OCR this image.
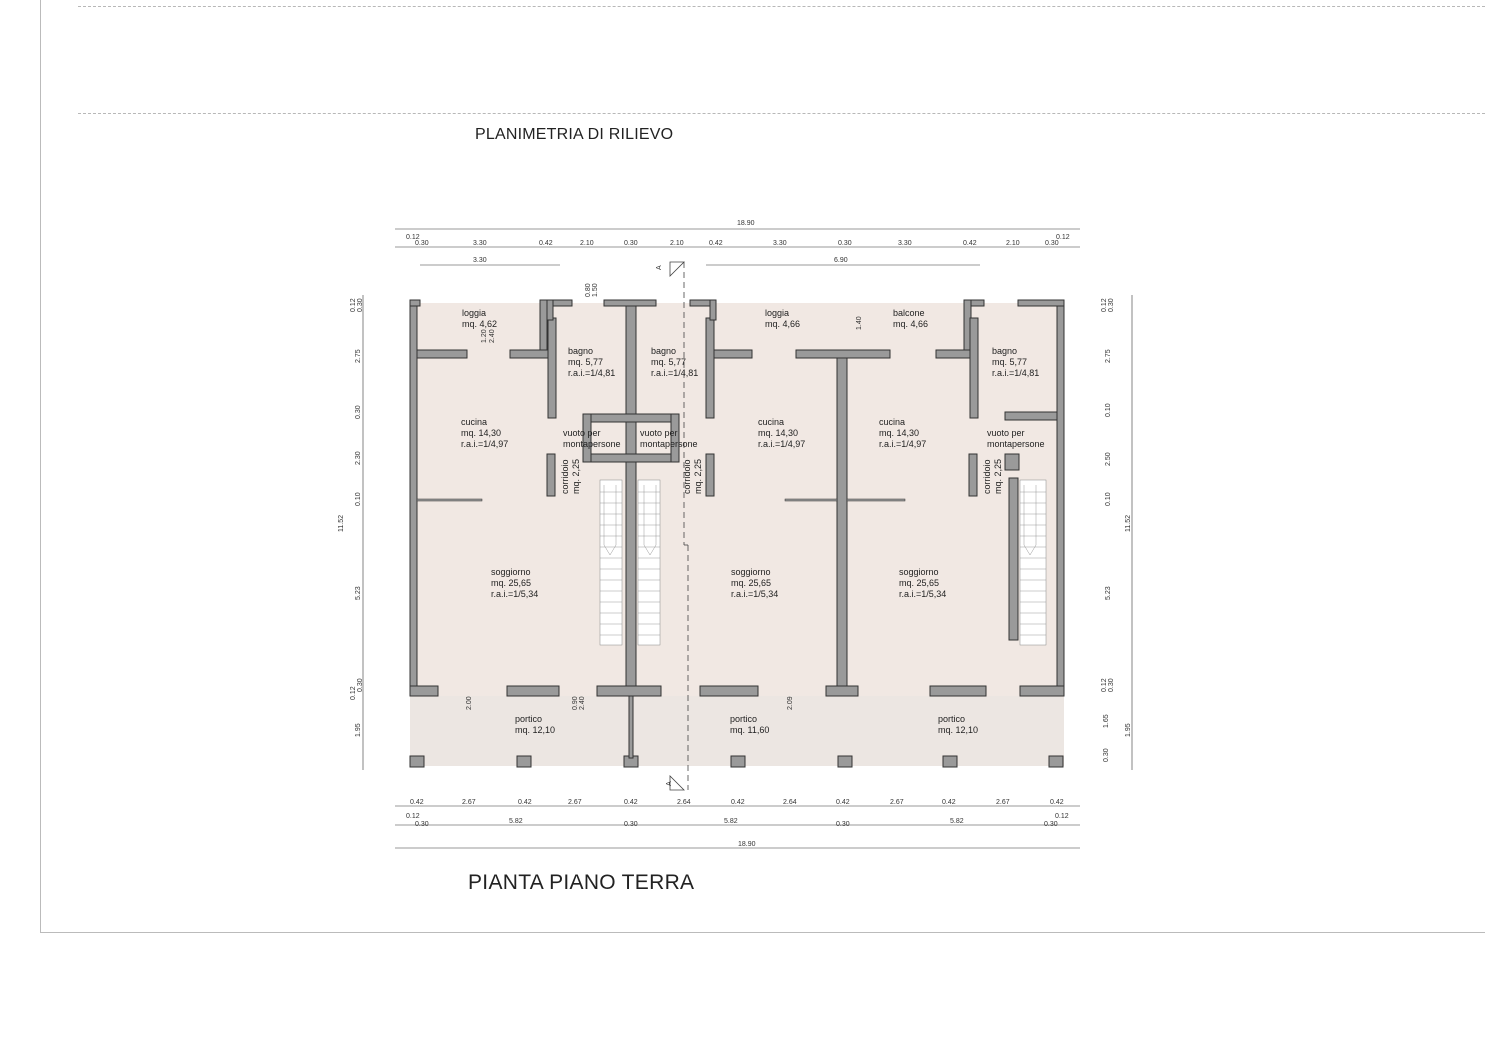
PLANIMETRIA DI RILIEVO
PIANTA PIANO TERRA
A
A
loggia mq. 4,62
bagno mq. 5,77 r.a.i.=1/4,81
bagno mq. 5,77 r.a.i.=1/4,81
loggia mq. 4,66
balcone mq. 4,66
bagno mq. 5,77 r.a.i.=1/4,81
cucina mq. 14,30 r.a.i.=1/4,97
vuoto per montapersone
vuoto per montapersone
cucina mq. 14,30 r.a.i.=1/4,97
cucina mq. 14,30 r.a.i.=1/4,97
vuoto per montapersone
corridoiomq. 2,25	corridoiomq. 2,25	corridoiomq. 2,25
soggiorno mq. 25,65 r.a.i.=1/5,34
soggiorno mq. 25,65 r.a.i.=1/5,34
soggiorno mq. 25,65 r.a.i.=1/5,34
portico mq. 12,10
portico mq. 11,60
portico mq. 12,10
18.90
18.90
11.52	11.52
0.12
0.30	3.30	0.42	2.10	0.30	2.10	0.42	3.30	0.30	3.30	0.42	2.10	0.30
0.12
3.30	6.90
0.42	2.67	0.42	2.67	0.42	2.64	0.42	2.64	0.42	2.67	0.42	2.67	0.42
0.12
0.30	5.82	0.30	5.82	0.30	5.82	0.30
0.12
0.12 0.30
2.75
0.30
2.30
0.10
5.23
0.30
0.12
1.95
0.12 0.30
2.75
0.10
2.50
0.10
5.23
0.12 0.30
1.65
1.95
0.30
1.20 2.40
0.80 1.50
0.90 2.40	2.09
1.40
2.00
